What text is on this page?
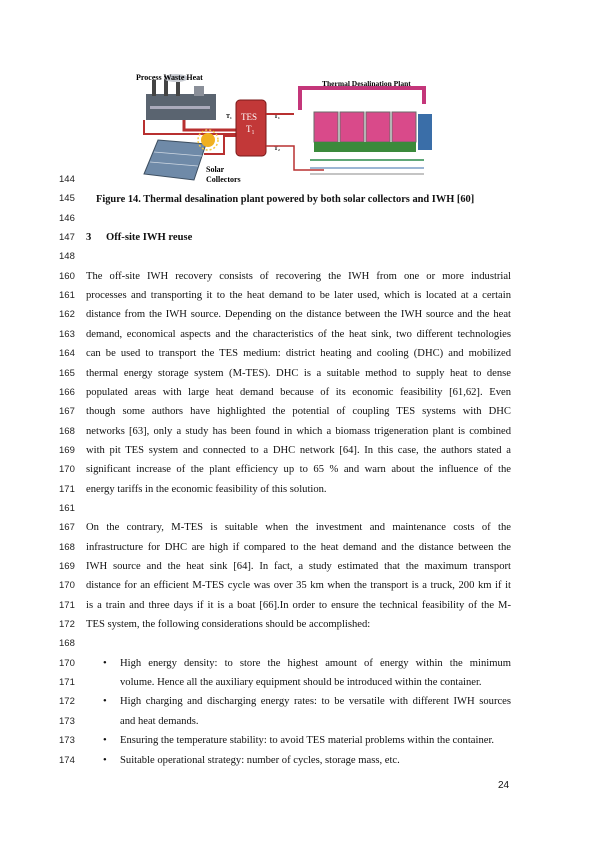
Process Waste Heat
Solar
Collectors
TES
T₁
T₁	T₁
T₂
Thermal Desalination Plant
144
145
146
147
148
160	The off-site IWH recovery consists of recovering the IWH from one or more industrial
161	processes and transporting it to the heat demand to be later used, which is located at a certain
162	distance from the IWH source. Depending on the distance between the IWH source and the heat
163	demand, economical aspects and the characteristics of the heat sink, two different technologies
164	can be used to transport the TES medium: district heating and cooling (DHC) and mobilized
165	thermal energy storage system (M-TES). DHC is a suitable method to supply heat to dense
166	populated areas with large heat demand because of its economic feasibility [61,62]. Even
167	though some authors have highlighted the potential of coupling TES systems with DHC
168	networks [63], only a study has been found in which a biomass trigeneration plant is combined
169	with pit TES system and connected to a DHC network [64]. In this case, the authors stated a
170	significant increase of the plant efficiency up to 65 % and warn about the influence of the
171	energy tariffs in the economic feasibility of this solution.
161
167	On the contrary, M-TES is suitable when the investment and maintenance costs of the
168	infrastructure for DHC are high if compared to the heat demand and the distance between the
169	IWH source and the heat sink [64]. In fact, a study estimated that the maximum transport
170	distance for an efficient M-TES cycle was over 35 km when the transport is a truck, 200 km if it
171	is a train and three days if it is a boat [66].In order to ensure the technical feasibility of the M-
172	TES system, the following considerations should be accomplished:
168
170	• High energy density: to store the highest amount of energy within the minimum
171	volume. Hence all the auxiliary equipment should be introduced within the container.
172	• High charging and discharging energy rates: to be versatile with different IWH sources
173	and heat demands.
173	• Ensuring the temperature stability: to avoid TES material problems within the container.
174	• Suitable operational strategy: number of cycles, storage mass, etc.
Figure 14. Thermal desalination plant powered by both solar collectors and IWH [60]
3 Off-site IWH reuse
24
